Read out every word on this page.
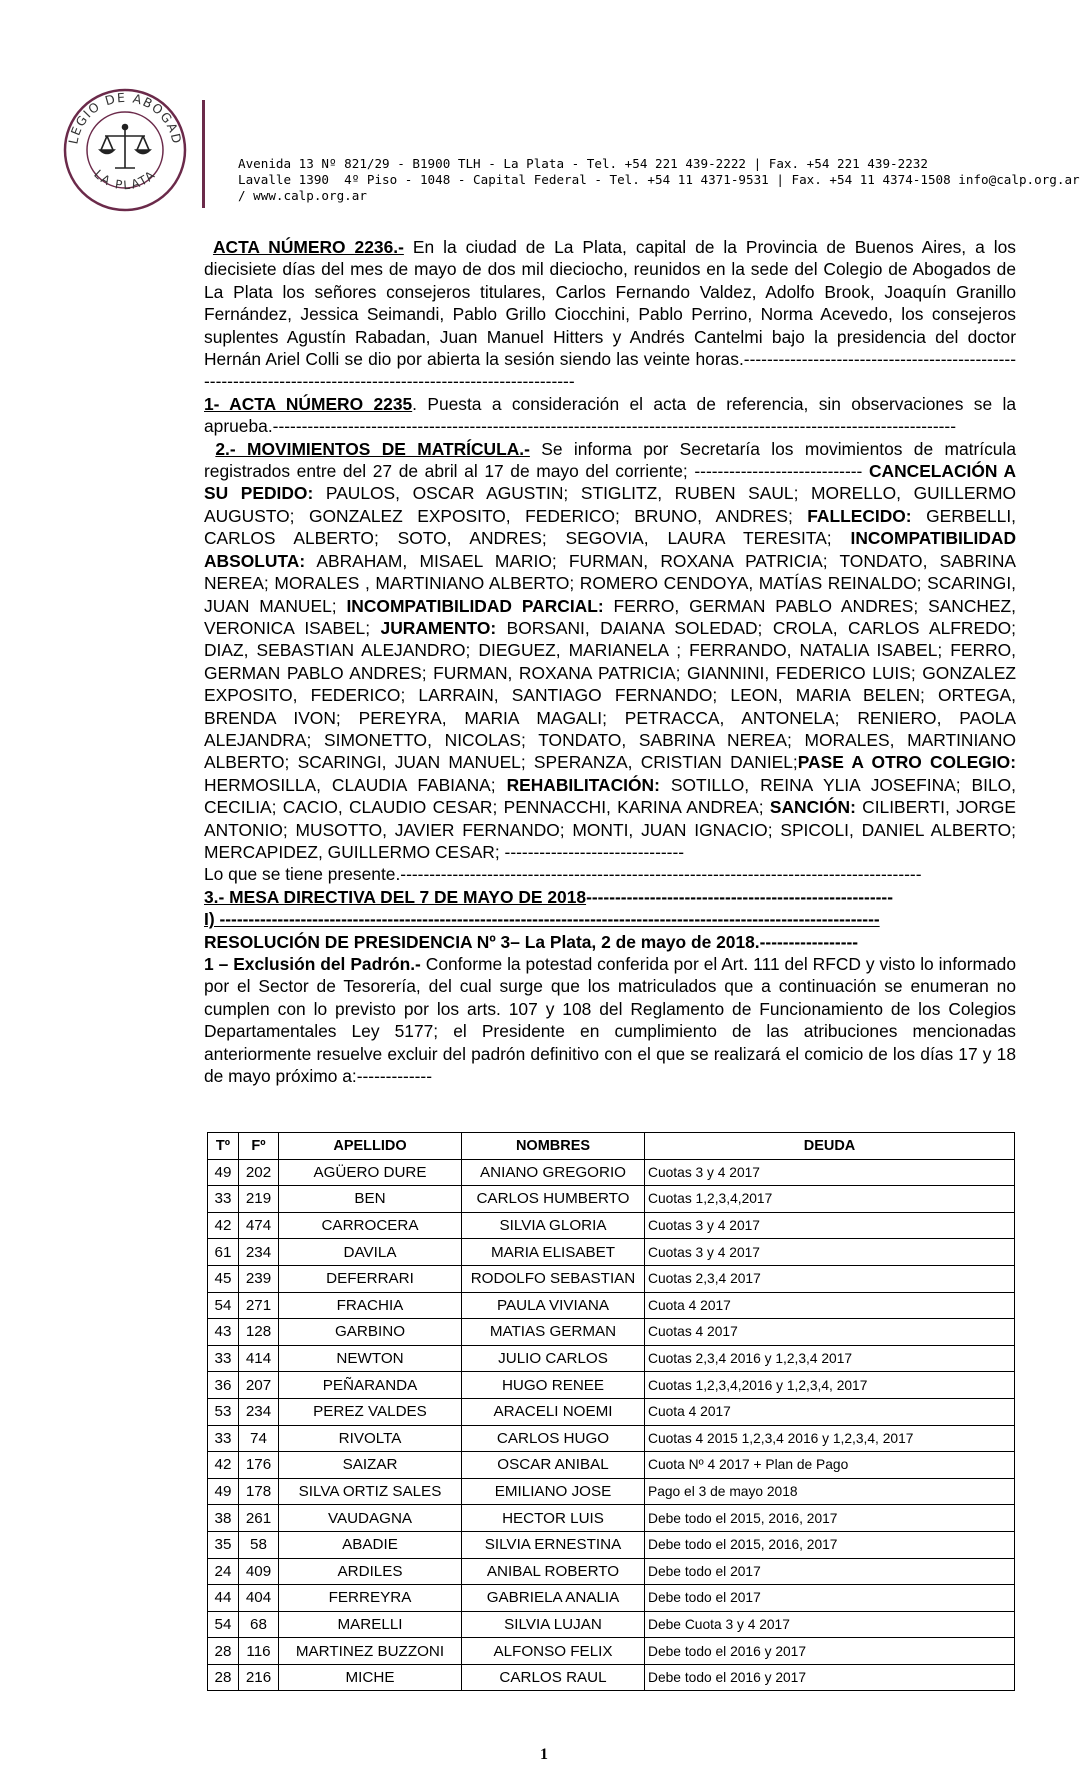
LEGIO DE ABOGAD
LA PLATA
Avenida 13 Nº 821/29 - B1900 TLH - La Plata - Tel. +54 221 439-2222 | Fax. +54 221 439-2232
Lavalle 1390  4º Piso - 1048 - Capital Federal - Tel. +54 11 4371-9531 | Fax. +54 11 4374-1508 info@calp.org.ar
/ www.calp.org.ar

ACTA NÚMERO 2236.- En la ciudad de La Plata, capital de la Provincia de Buenos Aires, a los diecisiete días del mes de mayo de dos mil dieciocho, reunidos en la sede del Colegio de Abogados de La Plata los señores consejeros titulares, Carlos Fernando Valdez, Adolfo Brook, Joaquín Granillo Fernández, Jessica Seimandi, Pablo Grillo Ciocchini, Pablo Perrino, Norma Acevedo, los consejeros suplentes Agustín Rabadan, Juan Manuel Hitters y Andrés Cantelmi bajo la presidencia del doctor Hernán Ariel Colli se dio por abierta la sesión siendo las veinte horas.---------------------------------------------------------------------------------------------------------------

1- ACTA NÚMERO 2235. Puesta a consideración el acta de referencia, sin observaciones se la aprueba.----------------------------------------------------------------------------------------------------------------------

2.- MOVIMIENTOS DE MATRÍCULA.- Se informa por Secretaría los movimientos de matrícula registrados entre del 27 de abril al 17 de mayo del corriente; ----------------------------- CANCELACIÓN A SU PEDIDO: PAULOS, OSCAR AGUSTIN; STIGLITZ, RUBEN SAUL; MORELLO, GUILLERMO AUGUSTO; GONZALEZ EXPOSITO, FEDERICO; BRUNO, ANDRES; FALLECIDO: GERBELLI, CARLOS ALBERTO; SOTO, ANDRES; SEGOVIA, LAURA TERESITA; INCOMPATIBILIDAD ABSOLUTA: ABRAHAM, MISAEL MARIO; FURMAN, ROXANA PATRICIA; TONDATO, SABRINA NEREA; MORALES , MARTINIANO ALBERTO; ROMERO CENDOYA, MATÍAS REINALDO; SCARINGI, JUAN MANUEL; INCOMPATIBILIDAD PARCIAL: FERRO, GERMAN PABLO ANDRES; SANCHEZ, VERONICA ISABEL; JURAMENTO: BORSANI, DAIANA SOLEDAD; CROLA, CARLOS ALFREDO; DIAZ, SEBASTIAN ALEJANDRO; DIEGUEZ, MARIANELA ; FERRANDO, NATALIA ISABEL; FERRO, GERMAN PABLO ANDRES; FURMAN, ROXANA PATRICIA; GIANNINI, FEDERICO LUIS; GONZALEZ EXPOSITO, FEDERICO; LARRAIN, SANTIAGO FERNANDO; LEON, MARIA BELEN; ORTEGA, BRENDA IVON; PEREYRA, MARIA MAGALI; PETRACCA, ANTONELA; RENIERO, PAOLA ALEJANDRA; SIMONETTO, NICOLAS; TONDATO, SABRINA NEREA; MORALES, MARTINIANO ALBERTO; SCARINGI, JUAN MANUEL; SPERANZA, CRISTIAN DANIEL;PASE A OTRO COLEGIO: HERMOSILLA, CLAUDIA FABIANA; REHABILITACIÓN: SOTILLO, REINA YLIA JOSEFINA; BILO, CECILIA; CACIO, CLAUDIO CESAR; PENNACCHI, KARINA ANDREA; SANCIÓN: CILIBERTI, JORGE ANTONIO; MUSOTTO, JAVIER FERNANDO; MONTI, JUAN IGNACIO; SPICOLI, DANIEL ALBERTO; MERCAPIDEZ, GUILLERMO CESAR; -------------------------------

Lo que se tiene presente.------------------------------------------------------------------------------------------

3.- MESA DIRECTIVA DEL 7 DE MAYO DE 2018-----------------------------------------------------

I) ------------------------------------------------------------------------------------------------------------------

RESOLUCIÓN DE PRESIDENCIA Nº 3– La Plata, 2 de mayo de 2018.-----------------

1 – Exclusión del Padrón.- Conforme la potestad conferida por el Art. 111 del RFCD y visto lo informado por el Sector de Tesorería, del cual surge que los matriculados que a continuación se enumeran no cumplen con lo previsto por los arts. 107 y 108 del Reglamento de Funcionamiento de los Colegios Departamentales Ley 5177; el Presidente en cumplimiento de las atribuciones mencionadas anteriormente resuelve excluir del padrón definitivo con el que se realizará el comicio de los días 17 y 18 de mayo próximo a:-------------

Tº	Fº	APELLIDO	NOMBRES	DEUDA
49	202	AGÜERO DURE	ANIANO GREGORIO	Cuotas 3 y 4 2017
33	219	BEN	CARLOS HUMBERTO	Cuotas 1,2,3,4,2017
42	474	CARROCERA	SILVIA GLORIA	Cuotas 3 y 4 2017
61	234	DAVILA	MARIA ELISABET	Cuotas 3 y 4 2017
45	239	DEFERRARI	RODOLFO SEBASTIAN	Cuotas 2,3,4 2017
54	271	FRACHIA	PAULA VIVIANA	Cuota 4 2017
43	128	GARBINO	MATIAS GERMAN	Cuotas 4 2017
33	414	NEWTON	JULIO CARLOS	Cuotas 2,3,4 2016 y 1,2,3,4 2017
36	207	PEÑARANDA	HUGO RENEE	Cuotas 1,2,3,4,2016 y 1,2,3,4, 2017
53	234	PEREZ VALDES	ARACELI NOEMI	Cuota 4 2017
33	74	RIVOLTA	CARLOS HUGO	Cuotas 4 2015 1,2,3,4 2016 y 1,2,3,4, 2017
42	176	SAIZAR	OSCAR ANIBAL	Cuota Nº 4 2017 + Plan de Pago
49	178	SILVA ORTIZ SALES	EMILIANO JOSE	Pago el 3 de mayo 2018
38	261	VAUDAGNA	HECTOR LUIS	Debe todo el 2015, 2016, 2017
35	58	ABADIE	SILVIA ERNESTINA	Debe todo el 2015, 2016, 2017
24	409	ARDILES	ANIBAL ROBERTO	Debe todo el 2017
44	404	FERREYRA	GABRIELA ANALIA	Debe todo el 2017
54	68	MARELLI	SILVIA LUJAN	Debe Cuota 3 y 4 2017
28	116	MARTINEZ BUZZONI	ALFONSO FELIX	Debe todo el 2016 y 2017
28	216	MICHE	CARLOS RAUL	Debe todo el 2016 y 2017
1
